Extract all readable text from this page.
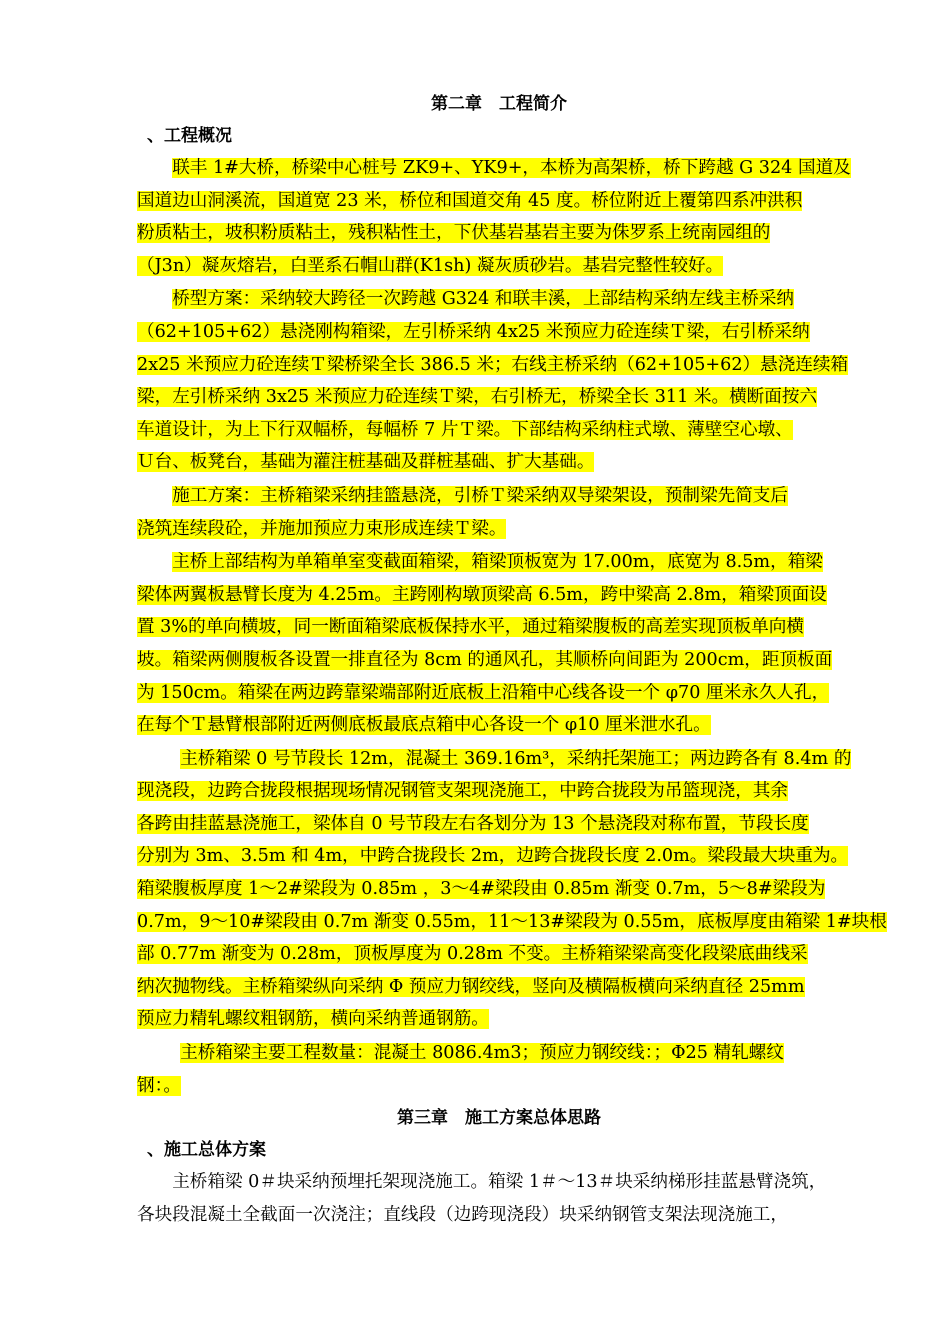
第二章　工程简介
、工程概况

联丰 1#大桥，桥梁中心桩号 ZK9+、YK9+，本桥为高架桥，桥下跨越 G 324 国道及
国道边山洞溪流，国道宽 23 米，桥位和国道交角 45 度。桥位附近上覆第四系冲洪积
粉质粘土，坡积粉质粘土，残积粘性土，下伏基岩基岩主要为侏罗系上统南园组的
（J3n）凝灰熔岩，白垩系石帽山群(K1sh) 凝灰质砂岩。基岩完整性较好。

桥型方案：采纳较大跨径一次跨越 G324 和联丰溪，上部结构采纳左线主桥采纳
（62+105+62）悬浇刚构箱梁，左引桥采纳 4x25 米预应力砼连续Ｔ梁，右引桥采纳
2x25 米预应力砼连续Ｔ梁桥梁全长 386.5 米；右线主桥采纳（62+105+62）悬浇连续箱
梁，左引桥采纳 3x25 米预应力砼连续Ｔ梁，右引桥无，桥梁全长 311 米。横断面按六
车道设计，为上下行双幅桥，每幅桥 7 片Ｔ梁。下部结构采纳柱式墩、薄壁空心墩、
Ｕ台、板凳台，基础为灌注桩基础及群桩基础、扩大基础。

施工方案：主桥箱梁采纳挂篮悬浇，引桥Ｔ梁采纳双导梁架设，预制梁先简支后
浇筑连续段砼，并施加预应力束形成连续Ｔ梁。

主桥上部结构为单箱单室变截面箱梁，箱梁顶板宽为 17.00m，底宽为 8.5m，箱梁
梁体两翼板悬臂长度为 4.25m。主跨刚构墩顶梁高 6.5m，跨中梁高 2.8m，箱梁顶面设
置 3%的单向横坡，同一断面箱梁底板保持水平，通过箱梁腹板的高差实现顶板单向横
坡。箱梁两侧腹板各设置一排直径为 8cm 的通风孔，其顺桥向间距为 200cm，距顶板面
为 150cm。箱梁在两边跨靠梁端部附近底板上沿箱中心线各设一个 φ70 厘米永久人孔，
在每个Ｔ悬臂根部附近两侧底板最底点箱中心各设一个 φ10 厘米泄水孔。

主桥箱梁 0 号节段长 12m，混凝土 369.16m³，采纳托架施工；两边跨各有 8.4m 的
现浇段，边跨合拢段根据现场情况钢管支架现浇施工，中跨合拢段为吊篮现浇，其余
各跨由挂蓝悬浇施工，梁体自 0 号节段左右各划分为 13 个悬浇段对称布置，节段长度
分别为 3m、3.5m 和 4m，中跨合拢段长 2m，边跨合拢段长度 2.0m。梁段最大块重为。
箱梁腹板厚度 1～2#梁段为 0.85m ，3～4#梁段由 0.85m 渐变 0.7m，5～8#梁段为
0.7m，9～10#梁段由 0.7m 渐变 0.55m，11～13#梁段为 0.55m，底板厚度由箱梁 1#块根
部 0.77m 渐变为 0.28m，顶板厚度为 0.28m 不变。主桥箱梁梁高变化段梁底曲线采
纳次抛物线。主桥箱梁纵向采纳 Φ 预应力钢绞线，竖向及横隔板横向采纳直径 25mm
预应力精轧螺纹粗钢筋，横向采纳普通钢筋。

主桥箱梁主要工程数量：混凝土 8086.4m3；预应力钢绞线：；Φ25 精轧螺纹
钢：。

第三章　施工方案总体思路
、施工总体方案

主桥箱梁 0＃块采纳预埋托架现浇施工。箱梁 1＃～13＃块采纳梯形挂蓝悬臂浇筑，
各块段混凝土全截面一次浇注；直线段（边跨现浇段）块采纳钢管支架法现浇施工，
